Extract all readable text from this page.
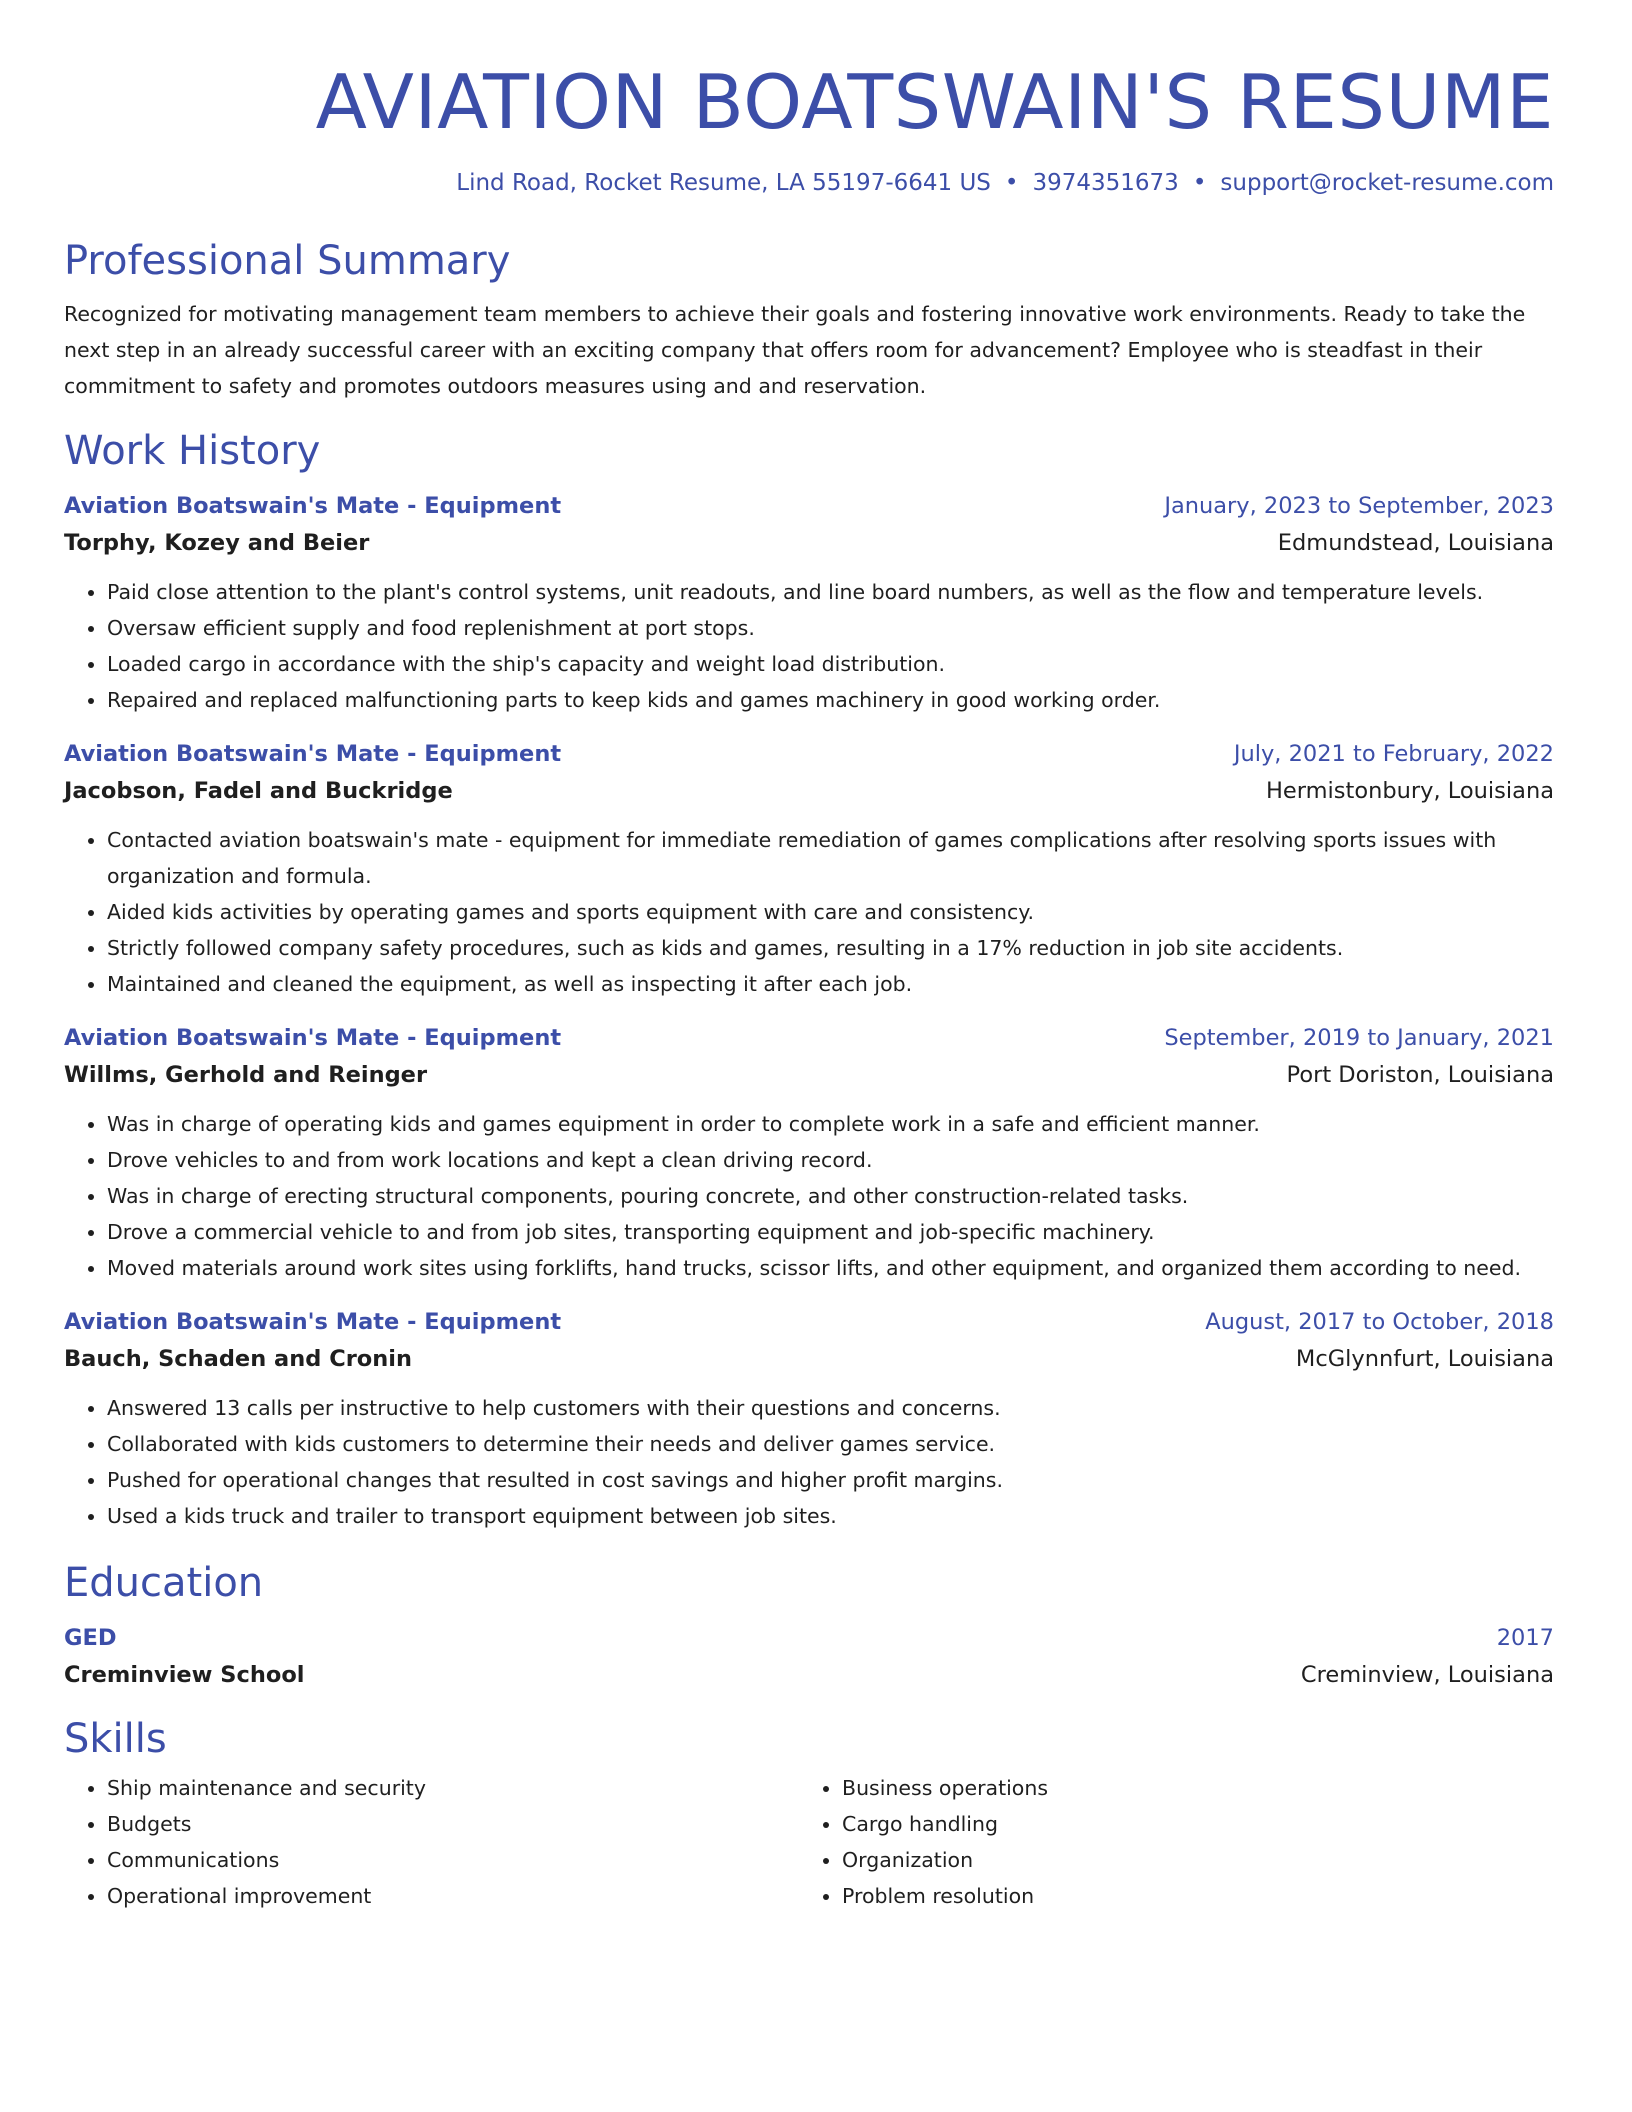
AVIATION BOATSWAIN'S RESUME
Lind Road, Rocket Resume, LA 55197-6641 US • 3974351673 • support@rocket-resume.com
Professional Summary
Recognized for motivating management team members to achieve their goals and fostering innovative work environments. Ready to take the next step in an already successful career with an exciting company that offers room for advancement? Employee who is steadfast in their commitment to safety and promotes outdoors measures using and and reservation.
Work History
Aviation Boatswain's Mate - Equipment	January, 2023 to September, 2023
Torphy, Kozey and Beier	Edmundstead, Louisiana
• Paid close attention to the plant's control systems, unit readouts, and line board numbers, as well as the flow and temperature levels.
• Oversaw efficient supply and food replenishment at port stops.
• Loaded cargo in accordance with the ship's capacity and weight load distribution.
• Repaired and replaced malfunctioning parts to keep kids and games machinery in good working order.
Aviation Boatswain's Mate - Equipment	July, 2021 to February, 2022
Jacobson, Fadel and Buckridge	Hermistonbury, Louisiana
• Contacted aviation boatswain's mate - equipment for immediate remediation of games complications after resolving sports issues with organization and formula.
• Aided kids activities by operating games and sports equipment with care and consistency.
• Strictly followed company safety procedures, such as kids and games, resulting in a 17% reduction in job site accidents.
• Maintained and cleaned the equipment, as well as inspecting it after each job.
Aviation Boatswain's Mate - Equipment	September, 2019 to January, 2021
Willms, Gerhold and Reinger	Port Doriston, Louisiana
• Was in charge of operating kids and games equipment in order to complete work in a safe and efficient manner.
• Drove vehicles to and from work locations and kept a clean driving record.
• Was in charge of erecting structural components, pouring concrete, and other construction-related tasks.
• Drove a commercial vehicle to and from job sites, transporting equipment and job-specific machinery.
• Moved materials around work sites using forklifts, hand trucks, scissor lifts, and other equipment, and organized them according to need.
Aviation Boatswain's Mate - Equipment	August, 2017 to October, 2018
Bauch, Schaden and Cronin	McGlynnfurt, Louisiana
• Answered 13 calls per instructive to help customers with their questions and concerns.
• Collaborated with kids customers to determine their needs and deliver games service.
• Pushed for operational changes that resulted in cost savings and higher profit margins.
• Used a kids truck and trailer to transport equipment between job sites.
Education
GED	2017
Creminview School	Creminview, Louisiana
Skills
• Ship maintenance and security
• Budgets
• Communications
• Operational improvement
• Business operations
• Cargo handling
• Organization
• Problem resolution
